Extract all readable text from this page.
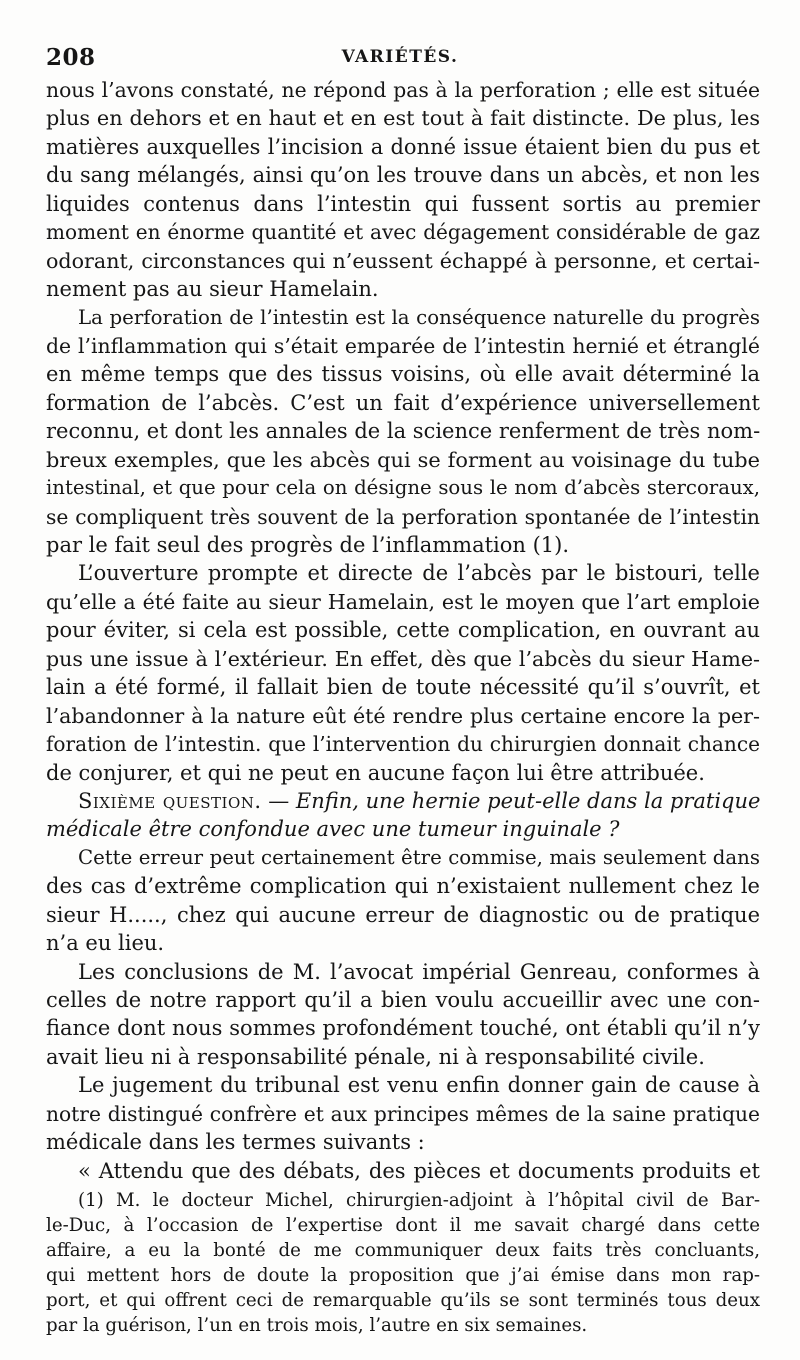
208	VARIÉTÉS.
nous l’avons constaté, ne répond pas à la perforation ; elle est située
plus en dehors et en haut et en est tout à fait distincte. De plus, les
matières auxquelles l’incision a donné issue étaient bien du pus et
du sang mélangés, ainsi qu’on les trouve dans un abcès, et non les
liquides contenus dans l’intestin qui fussent sortis au premier
moment en énorme quantité et avec dégagement considérable de gaz
odorant, circonstances qui n’eussent échappé à personne, et certai-
nement pas au sieur Hamelain.
La perforation de l’intestin est la conséquence naturelle du progrès
de l’inflammation qui s’était emparée de l’intestin hernié et étranglé
en même temps que des tissus voisins, où elle avait déterminé la
formation de l’abcès. C’est un fait d’expérience universellement
reconnu, et dont les annales de la science renferment de très nom-
breux exemples, que les abcès qui se forment au voisinage du tube
intestinal, et que pour cela on désigne sous le nom d’abcès stercoraux,
se compliquent très souvent de la perforation spontanée de l’intestin
par le fait seul des progrès de l’inflammation (1).
L’ouverture prompte et directe de l’abcès par le bistouri, telle
qu’elle a été faite au sieur Hamelain, est le moyen que l’art emploie
pour éviter, si cela est possible, cette complication, en ouvrant au
pus une issue à l’extérieur. En effet, dès que l’abcès du sieur Hame-
lain a été formé, il fallait bien de toute nécessité qu’il s’ouvrît, et
l’abandonner à la nature eût été rendre plus certaine encore la per-
foration de l’intestin. que l’intervention du chirurgien donnait chance
de conjurer, et qui ne peut en aucune façon lui être attribuée.
Sixième question. — Enfin, une hernie peut-elle dans la pratique
médicale être confondue avec une tumeur inguinale ?
Cette erreur peut certainement être commise, mais seulement dans
des cas d’extrême complication qui n’existaient nullement chez le
sieur H....., chez qui aucune erreur de diagnostic ou de pratique
n’a eu lieu.
Les conclusions de M. l’avocat impérial Genreau, conformes à
celles de notre rapport qu’il a bien voulu accueillir avec une con-
fiance dont nous sommes profondément touché, ont établi qu’il n’y
avait lieu ni à responsabilité pénale, ni à responsabilité civile.
Le jugement du tribunal est venu enfin donner gain de cause à
notre distingué confrère et aux principes mêmes de la saine pratique
médicale dans les termes suivants :
« Attendu que des débats, des pièces et documents produits et
(1) M. le docteur Michel, chirurgien-adjoint à l’hôpital civil de Bar-
le-Duc, à l’occasion de l’expertise dont il me savait chargé dans cette
affaire, a eu la bonté de me communiquer deux faits très concluants,
qui mettent hors de doute la proposition que j’ai émise dans mon rap-
port, et qui offrent ceci de remarquable qu’ils se sont terminés tous deux
par la guérison, l’un en trois mois, l’autre en six semaines.
